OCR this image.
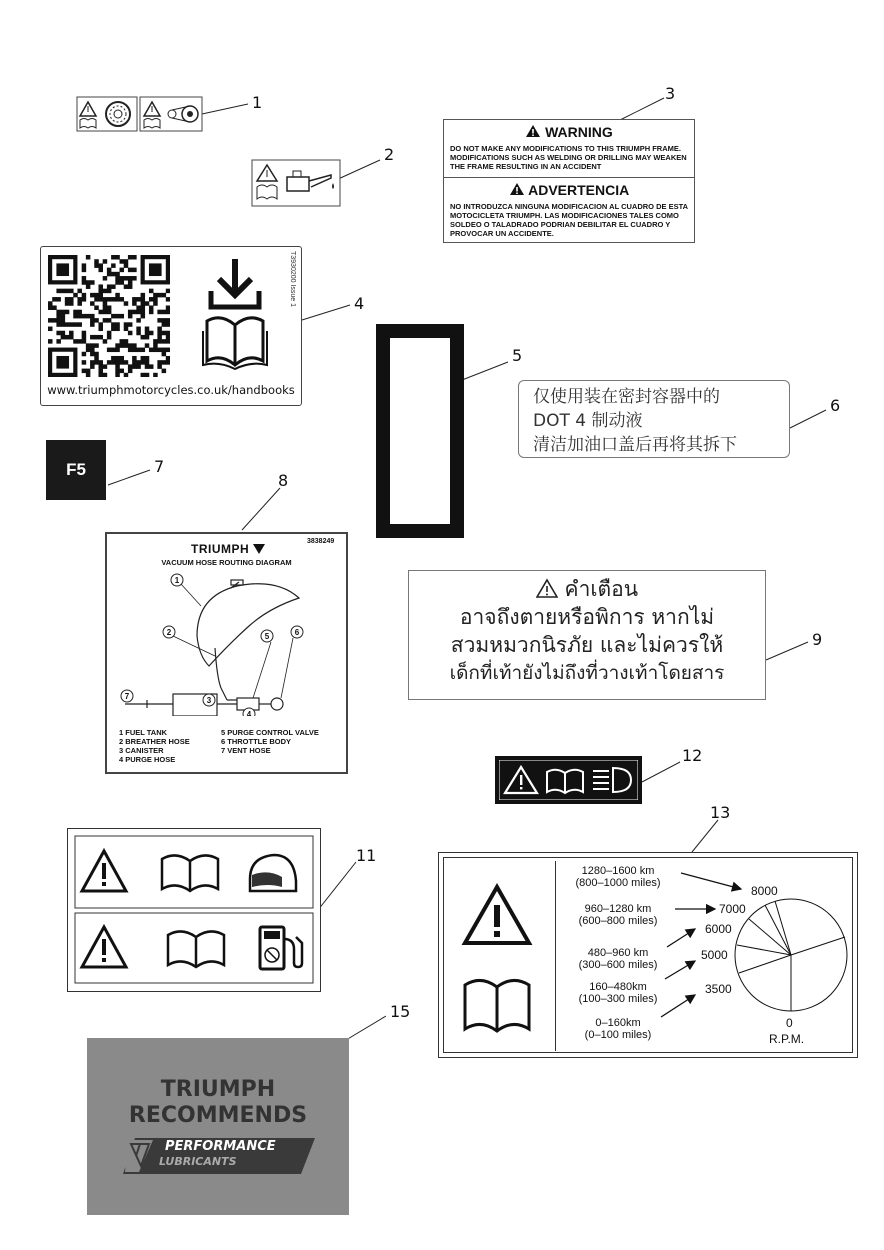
1
2
3
4
5
6
7
8
9
11
12
13
15
WARNING
DO NOT MAKE ANY MODIFICATIONS TO THIS TRIUMPH FRAME. MODIFICATIONS SUCH AS WELDING OR DRILLING MAY WEAKEN THE FRAME RESULTING IN AN ACCIDENT
ADVERTENCIA
NO INTRODUZCA NINGUNA MODIFICACION AL CUADRO DE ESTA MOTOCICLETA TRIUMPH. LAS MODIFICACIONES TALES COMO SOLDEO O TALADRADO PODRIAN DEBILITAR EL CUADRO Y PROVOCAR UN ACCIDENTE.
T3930200 Issue 1
www.triumphmotorcycles.co.uk/handbooks	仅使用装在密封容器中的
DOT 4 制动液
清洁加油口盖后再将其拆下
F5
TRIUMPH
3838249
VACUUM HOSE ROUTING DIAGRAM
1
2
3
4
5	6
7
1 FUEL TANK
2 BREATHER HOSE
3 CANISTER
4 PURGE HOSE
5 PURGE CONTROL VALVE
6 THROTTLE BODY
7 VENT HOSE
คำเตือน
อาจถึงตายหรือพิการ หากไม่
สวมหมวกนิรภัย และไม่ควรให้
เด็กที่เท้ายังไม่ถึงที่วางเท้าโดยสาร
1280–1600 km
(800–1000 miles)
960–1280 km
(600–800 miles)
480–960 km
(300–600 miles)
160–480km
(100–300 miles)
0–160km
(0–100 miles)
8000
7000
6000
5000
3500
0
R.P.M.
TRIUMPH
RECOMMENDS
PERFORMANCE
LUBRICANTS
